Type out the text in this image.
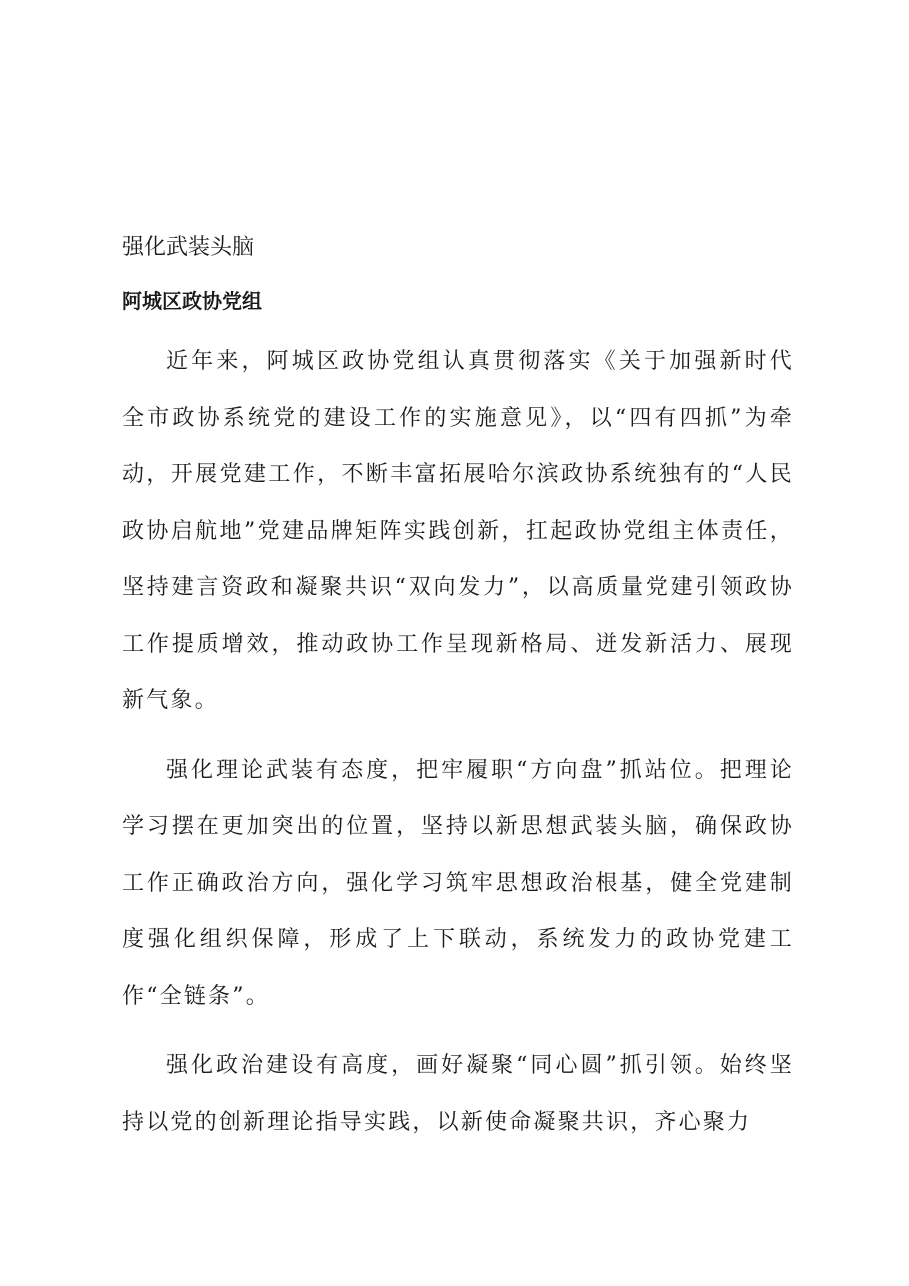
强化武装头脑
阿城区政协党组

近年来，阿城区政协党组认真贯彻落实《关于加强新时代全市政协系统党的建设工作的实施意见》，以“四有四抓”为牵动，开展党建工作，不断丰富拓展哈尔滨政协系统独有的“人民政协启航地”党建品牌矩阵实践创新，扛起政协党组主体责任，坚持建言资政和凝聚共识“双向发力”，以高质量党建引领政协工作提质增效，推动政协工作呈现新格局、迸发新活力、展现新气象。

强化理论武装有态度，把牢履职“方向盘”抓站位。把理论学习摆在更加突出的位置，坚持以新思想武装头脑，确保政协工作正确政治方向，强化学习筑牢思想政治根基，健全党建制度强化组织保障，形成了上下联动，系统发力的政协党建工作“全链条”。

强化政治建设有高度，画好凝聚“同心圆”抓引领。始终坚持以党的创新理论指导实践，以新使命凝聚共识，齐心聚力
